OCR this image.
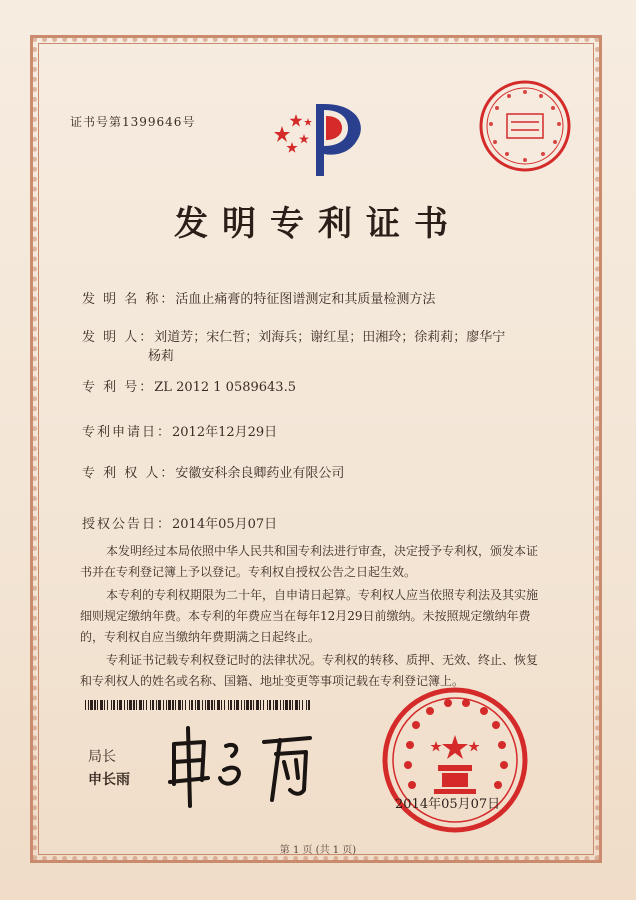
证书号第1399646号
发明专利证书
发 明 名 称：活血止痛膏的特征图谱测定和其质量检测方法
发 明 人：刘道芳；宋仁哲；刘海兵；谢红星；田湘玲；徐莉莉；廖华宁
杨莉
专 利 号：ZL 2012 1 0589643.5
专利申请日：2012年12月29日
专 利 权 人：安徽安科余良卿药业有限公司
授权公告日：2014年05月07日

本发明经过本局依照中华人民共和国专利法进行审查，决定授予专利权，颁发本证书并在专利登记簿上予以登记。专利权自授权公告之日起生效。

本专利的专利权期限为二十年，自申请日起算。专利权人应当依照专利法及其实施细则规定缴纳年费。本专利的年费应当在每年12月29日前缴纳。未按照规定缴纳年费的，专利权自应当缴纳年费期满之日起终止。

专利证书记载专利权登记时的法律状况。专利权的转移、质押、无效、终止、恢复和专利权人的姓名或名称、国籍、地址变更等事项记载在专利登记簿上。

局长
申长雨
2014年05月07日
第 1 页 (共 1 页)
